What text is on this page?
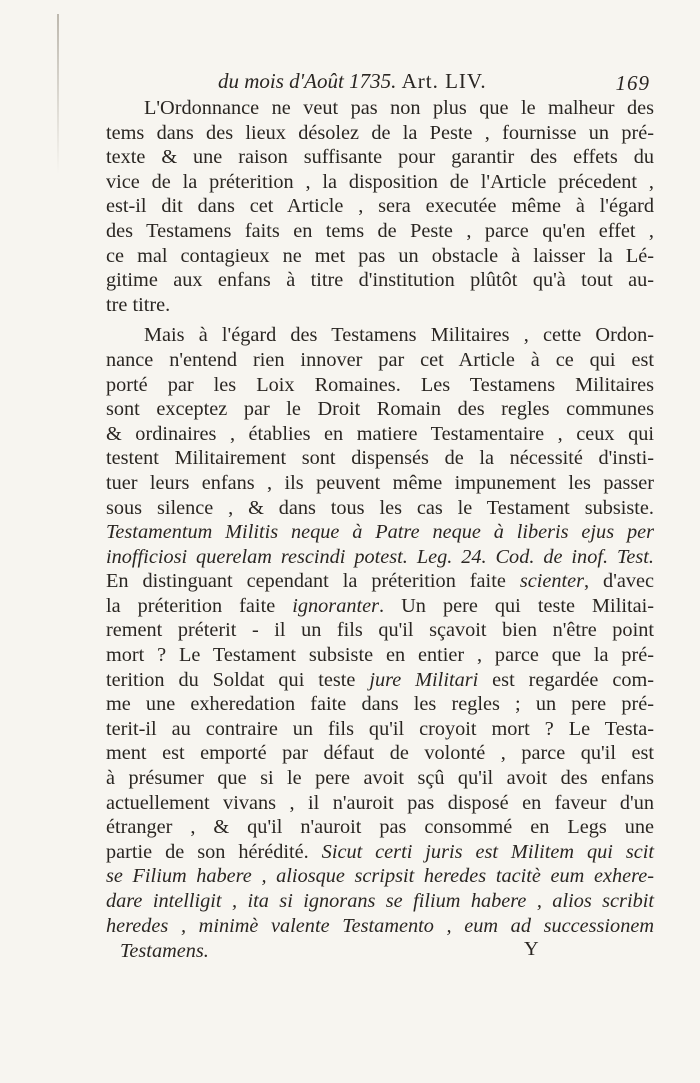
du mois d'Août 1735. Art. LIV.	169

L'Ordonnance ne veut pas non plus que le malheur des
tems dans des lieux désolez de la Peste , fournisse un pré-
texte & une raison suffisante pour garantir des effets du
vice de la préterition , la disposition de l'Article précedent ,
est-il dit dans cet Article , sera executée même à l'égard
des Testamens faits en tems de Peste , parce qu'en effet ,
ce mal contagieux ne met pas un obstacle à laisser la Lé-
gitime aux enfans à titre d'institution plûtôt qu'à tout au-
tre titre.

Mais à l'égard des Testamens Militaires , cette Ordon-
nance n'entend rien innover par cet Article à ce qui est
porté par les Loix Romaines. Les Testamens Militaires
sont exceptez par le Droit Romain des regles communes
& ordinaires , établies en matiere Testamentaire , ceux qui
testent Militairement sont dispensés de la nécessité d'insti-
tuer leurs enfans , ils peuvent même impunement les passer
sous silence , & dans tous les cas le Testament subsiste.
Testamentum Militis neque à Patre neque à liberis ejus per
inofficiosi querelam rescindi potest. Leg. 24. Cod. de inof. Test.
En distinguant cependant la préterition faite scienter, d'avec
la préterition faite ignoranter. Un pere qui teste Militai-
rement préterit - il un fils qu'il sçavoit bien n'être point
mort ? Le Testament subsiste en entier , parce que la pré-
terition du Soldat qui teste jure Militari est regardée com-
me une exheredation faite dans les regles ; un pere pré-
terit-il au contraire un fils qu'il croyoit mort ? Le Testa-
ment est emporté par défaut de volonté , parce qu'il est
à présumer que si le pere avoit sçû qu'il avoit des enfans
actuellement vivans , il n'auroit pas disposé en faveur d'un
étranger , & qu'il n'auroit pas consommé en Legs une
partie de son hérédité. Sicut certi juris est Militem qui scit
se Filium habere , aliosque scripsit heredes tacitè eum exhere-
dare intelligit , ita si ignorans se filium habere , alios scribit
heredes , minimè valente Testamento , eum ad successionem

Testamens.	Y
